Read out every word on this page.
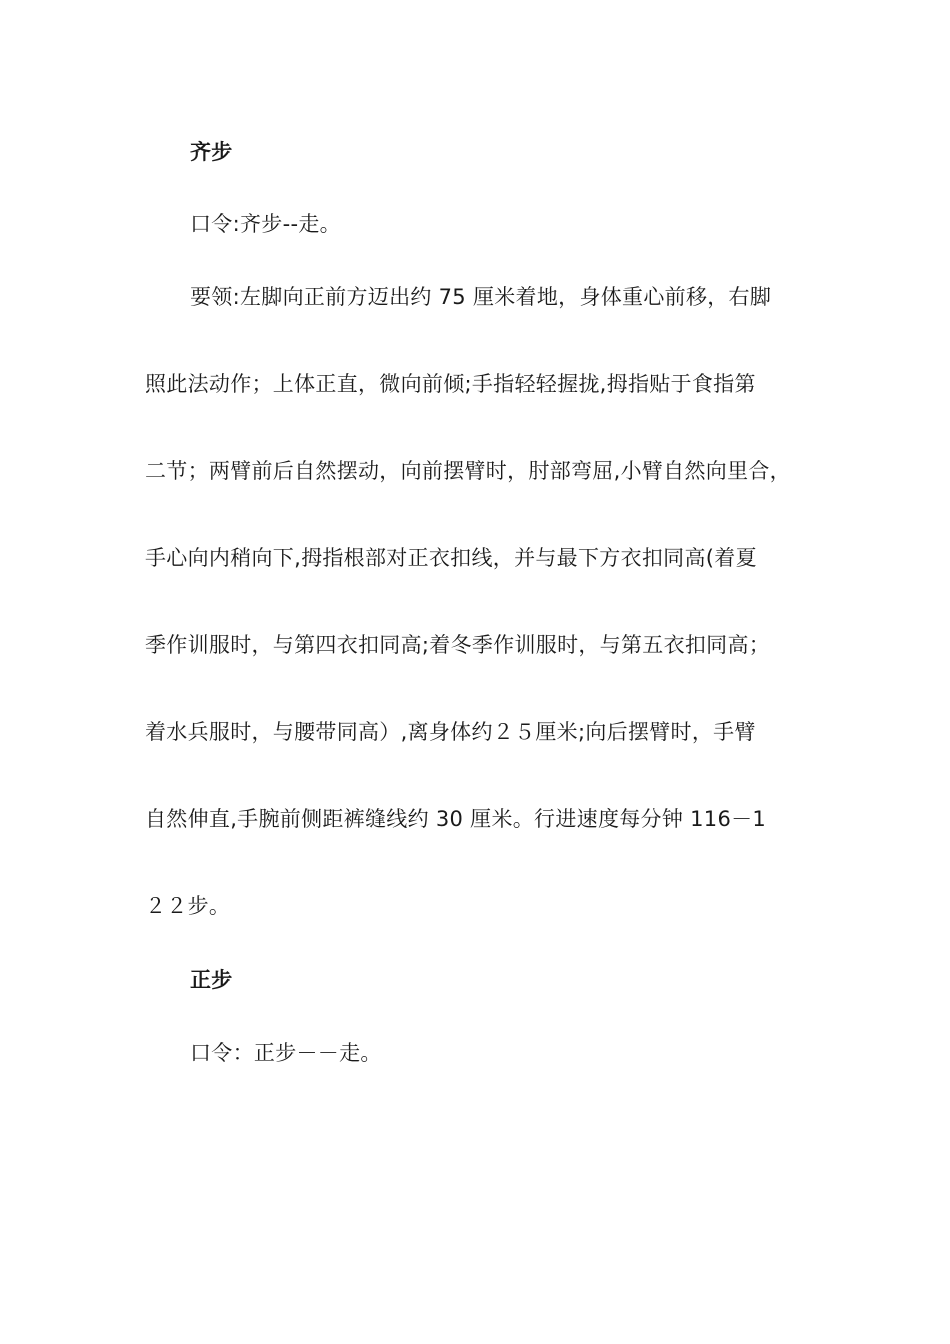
齐步
口令:齐步--走。
要领:左脚向正前方迈出约 75 厘米着地，身体重心前移，右脚
照此法动作；上体正直，微向前倾;手指轻轻握拢,拇指贴于食指第
二节；两臂前后自然摆动，向前摆臂时，肘部弯屈,小臂自然向里合，
手心向内稍向下,拇指根部对正衣扣线，并与最下方衣扣同高(着夏
季作训服时，与第四衣扣同高;着冬季作训服时，与第五衣扣同高；
着水兵服时，与腰带同高）,离身体约２５厘米;向后摆臂时，手臂
自然伸直,手腕前侧距裤缝线约 30 厘米。行进速度每分钟 116－1
２２步。
正步
口令：正步－－走。
